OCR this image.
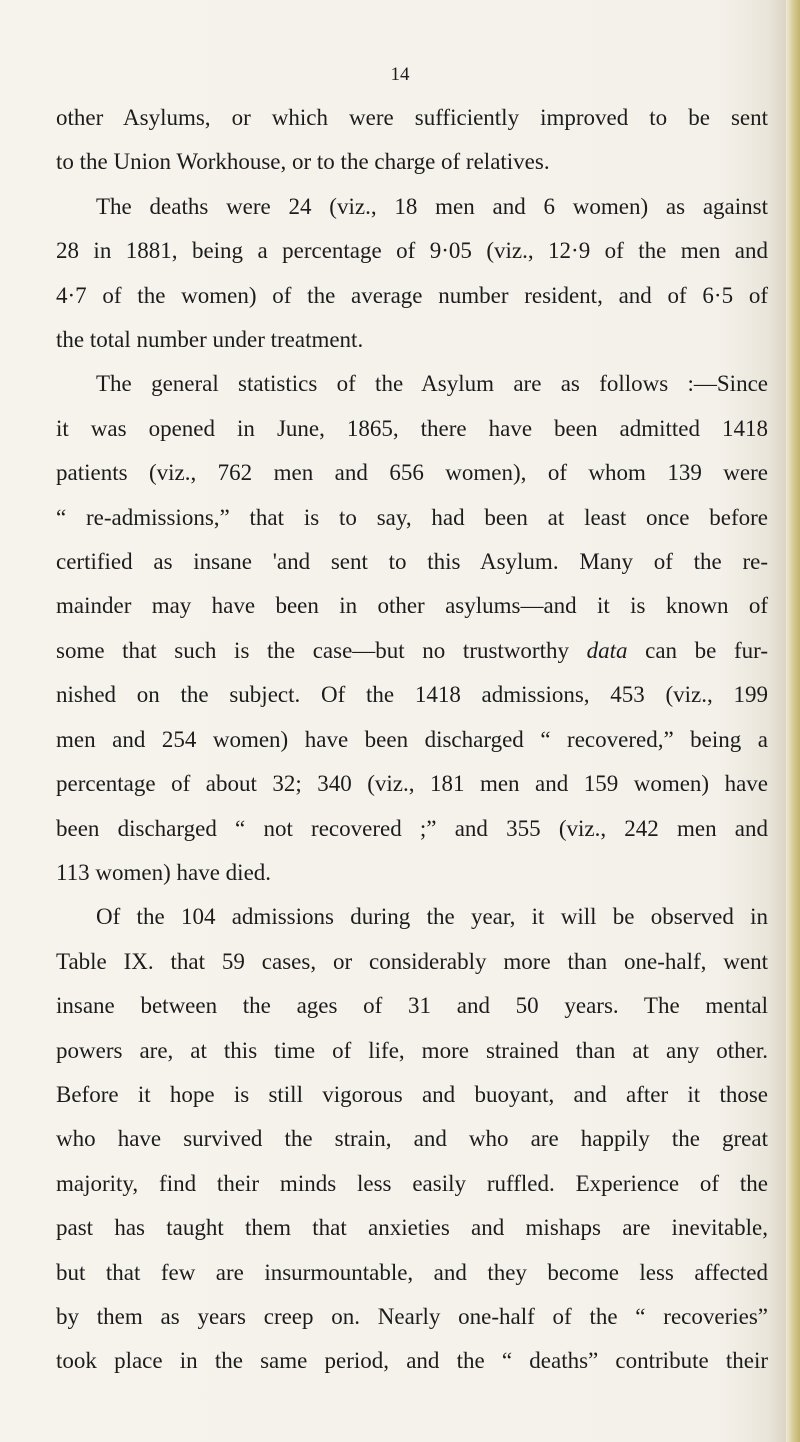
14
other Asylums, or which were sufficiently improved to be sent
to the Union Workhouse, or to the charge of relatives.
The deaths were 24 (viz., 18 men and 6 women) as against
28 in 1881, being a percentage of 9·05 (viz., 12·9 of the men and
4·7 of the women) of the average number resident, and of 6·5 of
the total number under treatment.
The general statistics of the Asylum are as follows :—Since
it was opened in June, 1865, there have been admitted 1418
patients (viz., 762 men and 656 women), of whom 139 were
“ re-admissions,” that is to say, had been at least once before
certified as insane 'and sent to this Asylum. Many of the re-
mainder may have been in other asylums—and it is known of
some that such is the case—but no trustworthy data can be fur-
nished on the subject. Of the 1418 admissions, 453 (viz., 199
men and 254 women) have been discharged “ recovered,” being a
percentage of about 32; 340 (viz., 181 men and 159 women) have
been discharged “ not recovered ;” and 355 (viz., 242 men and
113 women) have died.
Of the 104 admissions during the year, it will be observed in
Table IX. that 59 cases, or considerably more than one-half, went
insane between the ages of 31 and 50 years. The mental
powers are, at this time of life, more strained than at any other.
Before it hope is still vigorous and buoyant, and after it those
who have survived the strain, and who are happily the great
majority, find their minds less easily ruffled. Experience of the
past has taught them that anxieties and mishaps are inevitable,
but that few are insurmountable, and they become less affected
by them as years creep on. Nearly one-half of the “ recoveries”
took place in the same period, and the “ deaths” contribute their
